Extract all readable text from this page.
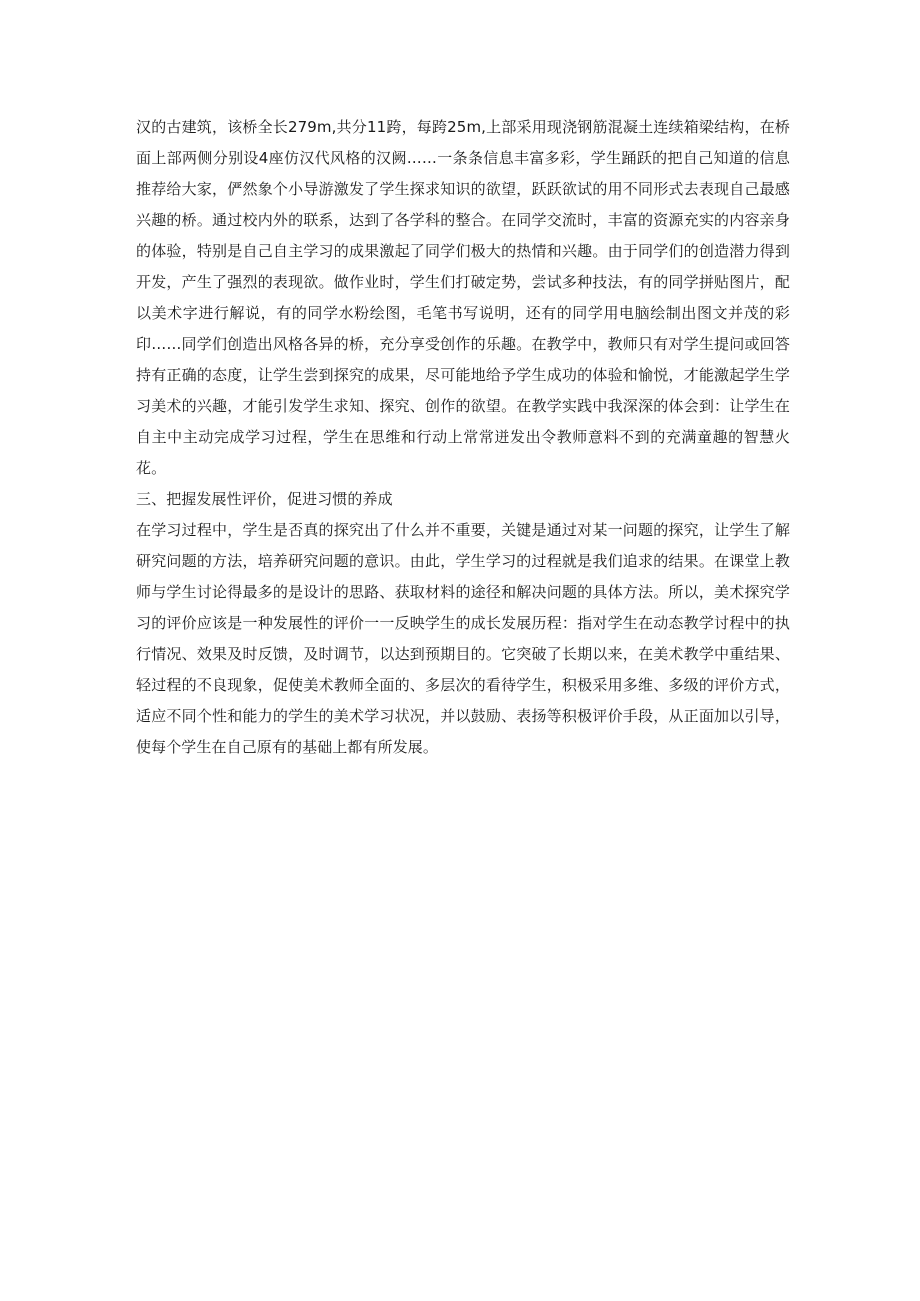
汉的古建筑，该桥全长279m,共分11跨，每跨25m,上部采用现浇钢筋混凝土连续箱梁结构，在桥面上部两侧分别设4座仿汉代风格的汉阙……一条条信息丰富多彩，学生踊跃的把自己知道的信息推荐给大家，俨然象个小导游激发了学生探求知识的欲望，跃跃欲试的用不同形式去表现自己最感兴趣的桥。通过校内外的联系，达到了各学科的整合。在同学交流时，丰富的资源充实的内容亲身的体验，特别是自己自主学习的成果激起了同学们极大的热情和兴趣。由于同学们的创造潜力得到开发，产生了强烈的表现欲。做作业时，学生们打破定势，尝试多种技法，有的同学拼贴图片，配以美术字进行解说，有的同学水粉绘图，毛笔书写说明，还有的同学用电脑绘制出图文并茂的彩印……同学们创造出风格各异的桥，充分享受创作的乐趣。在教学中，教师只有对学生提问或回答持有正确的态度，让学生尝到探究的成果，尽可能地给予学生成功的体验和愉悦，才能激起学生学习美术的兴趣，才能引发学生求知、探究、创作的欲望。在教学实践中我深深的体会到：让学生在自主中主动完成学习过程，学生在思维和行动上常常迸发出令教师意料不到的充满童趣的智慧火花。

三、把握发展性评价，促进习惯的养成

在学习过程中，学生是否真的探究出了什么并不重要，关键是通过对某一问题的探究，让学生了解研究问题的方法，培养研究问题的意识。由此，学生学习的过程就是我们追求的结果。在课堂上教师与学生讨论得最多的是设计的思路、获取材料的途径和解决问题的具体方法。所以，美术探究学习的评价应该是一种发展性的评价一一反映学生的成长发展历程：指对学生在动态教学讨程中的执行情况、效果及时反馈，及时调节，以达到预期目的。它突破了长期以来，在美术教学中重结果、轻过程的不良现象，促使美术教师全面的、多层次的看待学生，积极采用多维、多级的评价方式，适应不同个性和能力的学生的美术学习状况，并以鼓励、表扬等积极评价手段，从正面加以引导，使每个学生在自己原有的基础上都有所发展。
